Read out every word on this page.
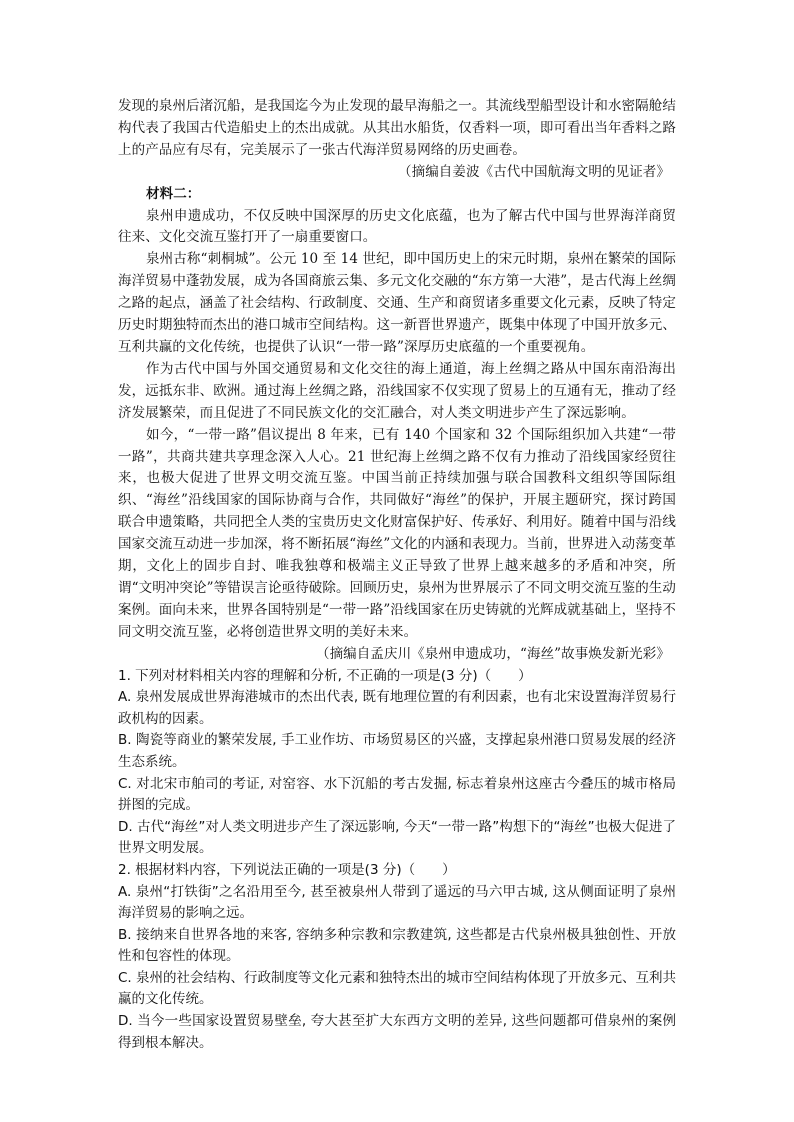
发现的泉州后渚沉船，是我国迄今为止发现的最早海船之一。其流线型船型设计和水密隔舱结构代表了我国古代造船史上的杰出成就。从其出水船货，仅香料一项，即可看出当年香料之路上的产品应有尽有，完美展示了一张古代海洋贸易网络的历史画卷。

（摘编自姜波《古代中国航海文明的见证者》

材料二：

泉州申遗成功，不仅反映中国深厚的历史文化底蕴，也为了解古代中国与世界海洋商贸往来、文化交流互鉴打开了一扇重要窗口。

泉州古称“刺桐城”。公元 10 至 14 世纪，即中国历史上的宋元时期，泉州在繁荣的国际海洋贸易中蓬勃发展，成为各国商旅云集、多元文化交融的“东方第一大港”，是古代海上丝绸之路的起点，涵盖了社会结构、行政制度、交通、生产和商贸诸多重要文化元素，反映了特定历史时期独特而杰出的港口城市空间结构。这一新晋世界遗产，既集中体现了中国开放多元、互利共赢的文化传统，也提供了认识“一带一路”深厚历史底蕴的一个重要视角。

作为古代中国与外国交通贸易和文化交往的海上通道，海上丝绸之路从中国东南沿海出发，远抵东非、欧洲。通过海上丝绸之路，沿线国家不仅实现了贸易上的互通有无，推动了经济发展繁荣，而且促进了不同民族文化的交汇融合，对人类文明进步产生了深远影响。

如今，“一带一路”倡议提出 8 年来，已有 140 个国家和 32 个国际组织加入共建“一带一路”，共商共建共享理念深入人心。21 世纪海上丝绸之路不仅有力推动了沿线国家经贸往来，也极大促进了世界文明交流互鉴。中国当前正持续加强与联合国教科文组织等国际组织、“海丝”沿线国家的国际协商与合作，共同做好“海丝”的保护，开展主题研究，探讨跨国联合申遗策略，共同把全人类的宝贵历史文化财富保护好、传承好、利用好。随着中国与沿线国家交流互动进一步加深，将不断拓展“海丝”文化的内涵和表现力。当前，世界进入动荡变革期，文化上的固步自封、唯我独尊和极端主义正导致了世界上越来越多的矛盾和冲突，所谓“文明冲突论”等错误言论亟待破除。回顾历史，泉州为世界展示了不同文明交流互鉴的生动案例。面向未来，世界各国特别是“一带一路”沿线国家在历史铸就的光辉成就基础上，坚持不同文明交流互鉴，必将创造世界文明的美好未来。

（摘编自孟庆川《泉州申遗成功，“海丝”故事焕发新光彩》

1. 下列对材料相关内容的理解和分析, 不正确的一项是(3 分)（　　）

A. 泉州发展成世界海港城市的杰出代表, 既有地理位置的有利因素，也有北宋设置海洋贸易行政机构的因素。

B. 陶瓷等商业的繁荣发展, 手工业作坊、市场贸易区的兴盛，支撑起泉州港口贸易发展的经济生态系统。

C. 对北宋市舶司的考证, 对窑容、水下沉船的考古发掘, 标志着泉州这座古今叠压的城市格局拼图的完成。

D. 古代“海丝”对人类文明进步产生了深远影响, 今天“一带一路”构想下的“海丝”也极大促进了世界文明发展。

2. 根据材料内容，下列说法正确的一项是(3 分)（　　）

A. 泉州“打铁街”之名沿用至今, 甚至被泉州人带到了遥远的马六甲古城, 这从侧面证明了泉州海洋贸易的影响之远。

B. 接纳来自世界各地的来客, 容纳多种宗教和宗教建筑, 这些都是古代泉州极具独创性、开放性和包容性的体现。

C. 泉州的社会结构、行政制度等文化元素和独特杰出的城市空间结构体现了开放多元、互利共赢的文化传统。

D. 当今一些国家设置贸易壁垒, 夸大甚至扩大东西方文明的差异, 这些问题都可借泉州的案例得到根本解决。
